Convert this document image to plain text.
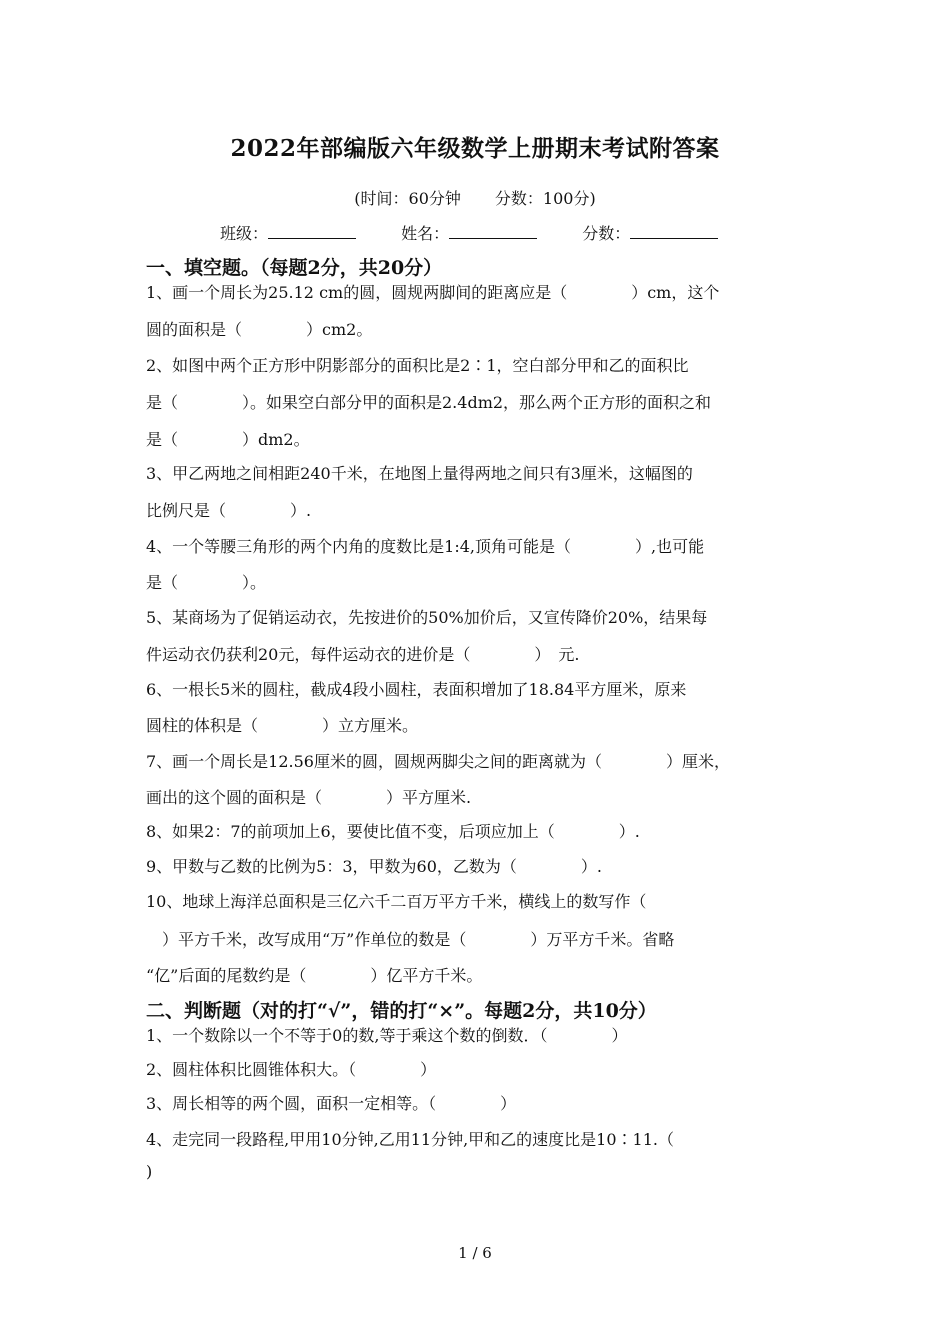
2022年部编版六年级数学上册期末考试附答案
(时间：60分钟 分数：100分)
班级：	姓名：	分数：
一、填空题。（每题2分，共20分）
1、画一个周长为25.12 cm的圆，圆规两脚间的距离应是（　　　　）cm，这个
圆的面积是（　　　　）cm2。
2、如图中两个正方形中阴影部分的面积比是2∶1，空白部分甲和乙的面积比
是（　　　　）。如果空白部分甲的面积是2.4dm2，那么两个正方形的面积之和
是（　　　　）dm2。
3、甲乙两地之间相距240千米，在地图上量得两地之间只有3厘米，这幅图的
比例尺是（　　　　）.
4、一个等腰三角形的两个内角的度数比是1:4,顶角可能是（　　　　）,也可能
是（　　　　）。
5、某商场为了促销运动衣，先按进价的50%加价后，又宣传降价20%，结果每
件运动衣仍获利20元，每件运动衣的进价是（　　　　）　元.
6、一根长5米的圆柱，截成4段小圆柱，表面积增加了18.84平方厘米，原来
圆柱的体积是（　　　　）立方厘米。
7、画一个周长是12.56厘米的圆，圆规两脚尖之间的距离就为（　　　　）厘米，
画出的这个圆的面积是（　　　　）平方厘米.
8、如果2：7的前项加上6，要使比值不变，后项应加上（　　　　）.
9、甲数与乙数的比例为5：3，甲数为60，乙数为（　　　　）.
10、地球上海洋总面积是三亿六千二百万平方千米，横线上的数写作（
　）平方千米，改写成用“万”作单位的数是（　　　　）万平方千米。省略
“亿”后面的尾数约是（　　　　）亿平方千米。
二、判断题（对的打“√”，错的打“×”。每题2分，共10分）
1、一个数除以一个不等于0的数,等于乘这个数的倒数．（　　　　）
2、圆柱体积比圆锥体积大。（　　　　）
3、周长相等的两个圆，面积一定相等。（　　　　）
4、走完同一段路程,甲用10分钟,乙用11分钟,甲和乙的速度比是10∶11.（
)
1 / 6
